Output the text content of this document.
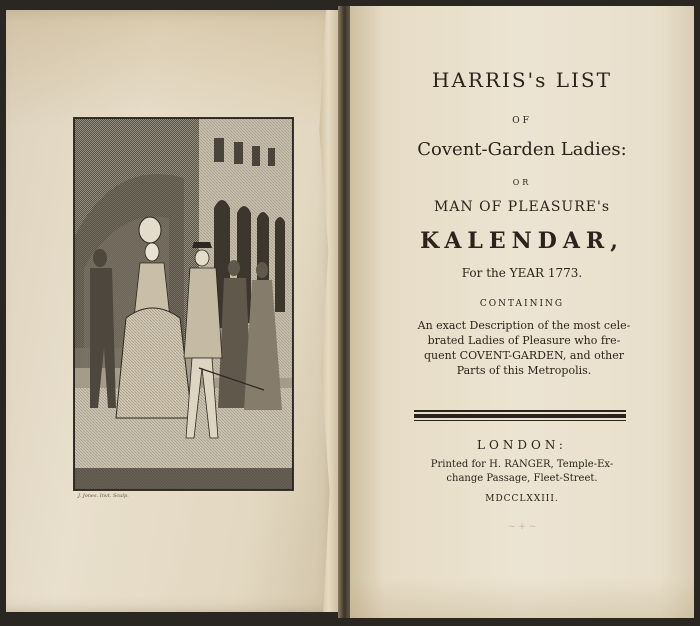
J. Jones. Invt. Sculp.
HARRIS's LIST
OF
Covent-Garden Ladies:
OR
MAN OF PLEASURE's
KALENDAR,
For the YEAR 1773.
CONTAINING
An exact Description of the most cele-
brated Ladies of Pleasure who fre-
quent COVENT-GARDEN, and other
Parts of this Metropolis.
LONDON:
Printed for H. RANGER, Temple-Ex-
change Passage, Fleet-Street.
MDCCLXXIII.
~ + ~
